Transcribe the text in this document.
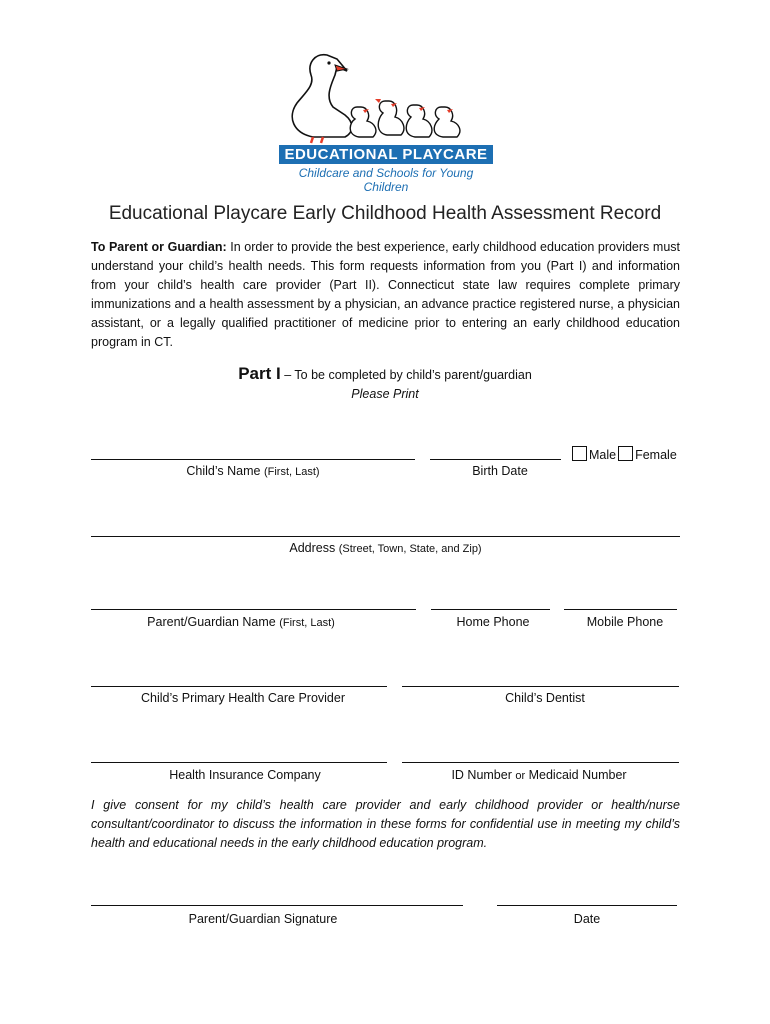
EDUCATIONAL PLAYCARE
Childcare and Schools for Young Children
Educational Playcare Early Childhood Health Assessment Record
To Parent or Guardian: In order to provide the best experience, early childhood education providers must understand your child’s health needs. This form requests information from you (Part I) and information from your child’s health care provider (Part II). Connecticut state law requires complete primary immunizations and a health assessment by a physician, an advance practice registered nurse, a physician assistant, or a legally qualified practitioner of medicine prior to entering an early childhood education program in CT.
Part I – To be completed by child’s parent/guardian
Please Print
Child’s Name (First, Last)	Birth Date
Male Female
Address (Street, Town, State, and Zip)
Parent/Guardian Name (First, Last)	Home Phone	Mobile Phone
Child’s Primary Health Care Provider	Child’s Dentist
Health Insurance Company	ID Number or Medicaid Number
I give consent for my child’s health care provider and early childhood provider or health/nurse consultant/coordinator to discuss the information in these forms for confidential use in meeting my child’s health and educational needs in the early childhood education program.
Parent/Guardian Signature	Date
